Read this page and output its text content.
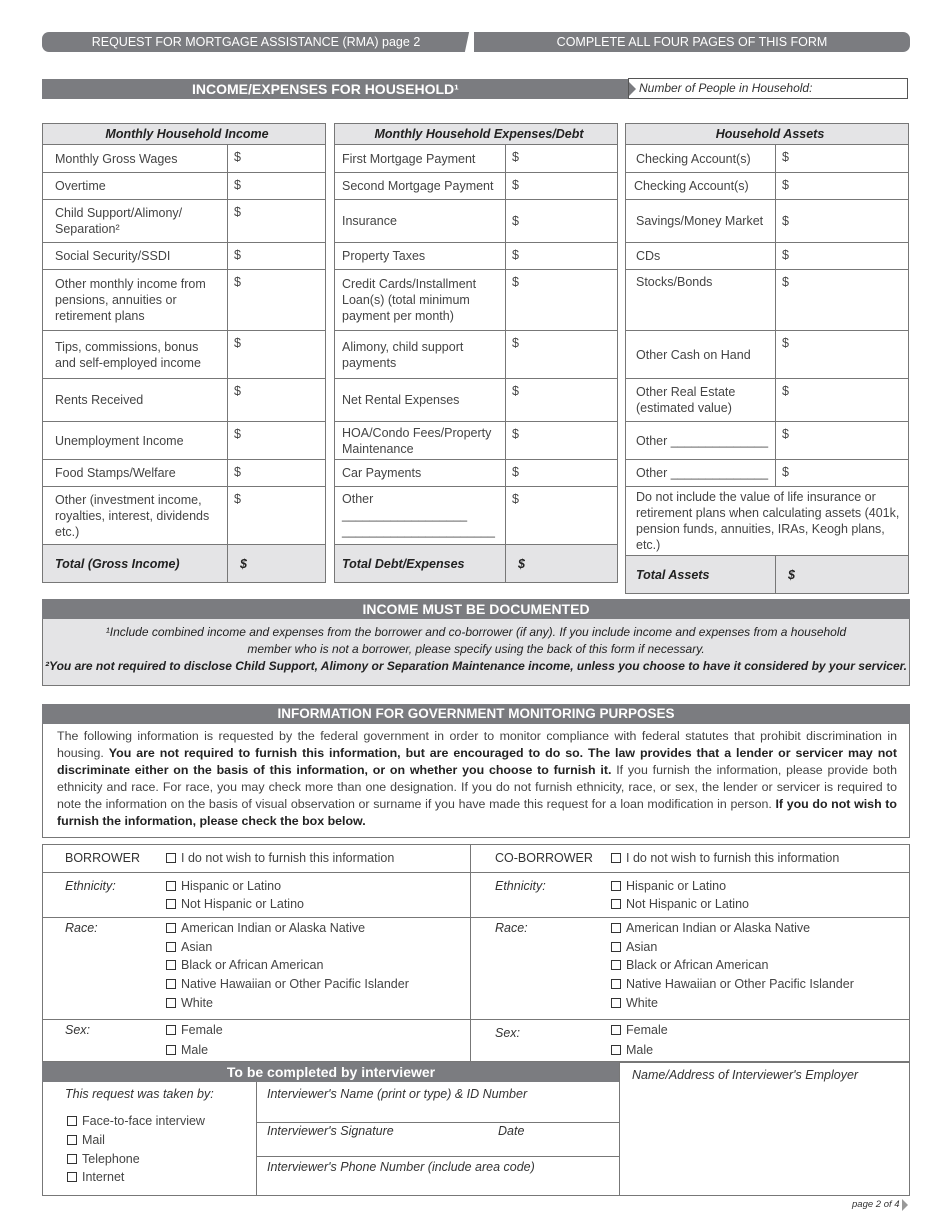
REQUEST FOR MORTGAGE ASSISTANCE (RMA) page 2	COMPLETE ALL FOUR PAGES OF THIS FORM
INCOME/EXPENSES FOR HOUSEHOLD¹	Number of People in Household:
Monthly Household Income	
Monthly Gross Wages	$
Overtime	$
Child Support/Alimony/ Separation²	$
Social Security/SSDI	$
Other monthly income from pensions, annuities or retirement plans	$
Tips, commissions, bonus and self-employed income	$
Rents Received	$
Unemployment Income	$
Food Stamps/Welfare	$
Other (investment income, royalties, interest, dividends etc.)	$
Total (Gross Income)	$
Monthly Household Expenses/Debt	
First Mortgage Payment	$
Second Mortgage Payment	$
Insurance	$
Property Taxes	$
Credit Cards/Installment Loan(s) (total minimum payment per month)	$
Alimony, child support payments	$
Net Rental Expenses	$
HOA/Condo Fees/Property Maintenance	$
Car Payments	$
Other __________________ ______________________	$
Total Debt/Expenses	$
Household Assets	
Checking Account(s)	$
Checking Account(s)	$
Savings/Money Market	$
CDs	$
Stocks/Bonds	$
Other Cash on Hand	$
Other Real Estate (estimated value)	$
Other ______________	$
Other ______________	$
Do not include the value of life insurance or retirement plans when calculating assets (401k, pension funds, annuities, IRAs, Keogh plans, etc.)	
Total Assets	$
INCOME MUST BE DOCUMENTED
¹Include combined income and expenses from the borrower and co-borrower (if any). If you include income and expenses from a household member who is not a borrower, please specify using the back of this form if necessary.
²You are not required to disclose Child Support, Alimony or Separation Maintenance income, unless you choose to have it considered by your servicer.
INFORMATION FOR GOVERNMENT MONITORING PURPOSES
The following information is requested by the federal government in order to monitor compliance with federal statutes that prohibit discrimination in housing. You are not required to furnish this information, but are encouraged to do so. The law provides that a lender or servicer may not discriminate either on the basis of this information, or on whether you choose to furnish it. If you furnish the information, please provide both ethnicity and race. For race, you may check more than one designation. If you do not furnish ethnicity, race, or sex, the lender or servicer is required to note the information on the basis of visual observation or surname if you have made this request for a loan modification in person. If you do not wish to furnish the information, please check the box below.
BORROWER	I do not wish to furnish this information
Ethnicity:	Hispanic or Latino
Not Hispanic or Latino
Race:	American Indian or Alaska Native
Asian
Black or African American
Native Hawaiian or Other Pacific Islander
White
Sex:	Female
Male
CO-BORROWER	I do not wish to furnish this information
Ethnicity:	Hispanic or Latino
Not Hispanic or Latino
Race:	American Indian or Alaska Native
Asian
Black or African American
Native Hawaiian or Other Pacific Islander
White
Sex:	Female
Male
To be completed by interviewer
This request was taken by:
Face-to-face interview
Mail
Telephone
Internet
Interviewer's Name (print or type) & ID Number
Interviewer's Signature	Date
Interviewer's Phone Number (include area code)
Name/Address of Interviewer's Employer
page 2 of 4
